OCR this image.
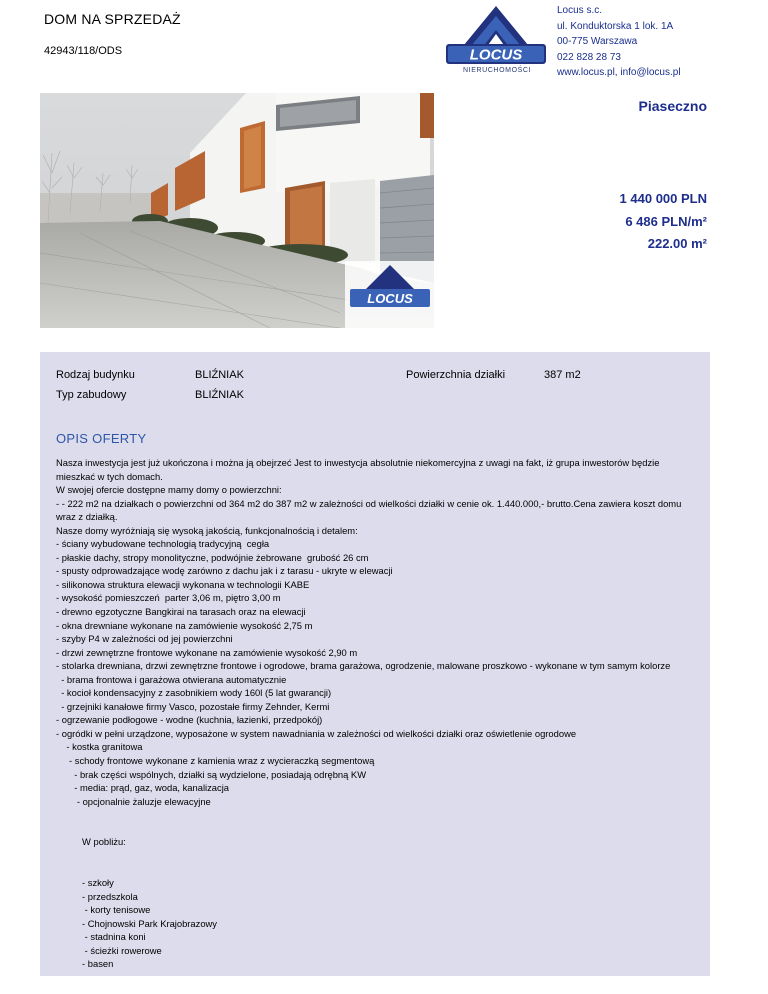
DOM NA SPRZEDAŻ
42943/118/ODS	LOCUS
NIERUCHOMOŚCI
Locus s.c.
ul. Konduktorska 1 lok. 1A
00-775 Warszawa
022 828 28 73
www.locus.pl, info@locus.pl
LOCUS
Piaseczno
1 440 000 PLN
6 486 PLN/m²
222.00 m²
Rodzaj budynku	BLIŹNIAK	Powierzchnia działki	387 m2
Typ zabudowy	BLIŹNIAK
OPIS OFERTY
Nasza inwestycja jest już ukończona i można ją obejrzeć Jest to inwestycja absolutnie niekomercyjna z uwagi na fakt, iż grupa inwestorów będzie mieszkać w tych domach.
W swojej ofercie dostępne mamy domy o powierzchni:
- - 222 m2 na działkach o powierzchni od 364 m2 do 387 m2 w zależności od wielkości działki w cenie ok. 1.440.000,- brutto.Cena zawiera koszt domu wraz z działką.
Nasze domy wyróżniają się wysoką jakością, funkcjonalnością i detalem:
- ściany wybudowane technologią tradycyjną  cegła
- płaskie dachy, stropy monolityczne, podwójnie żebrowane  grubość 26 cm
- spusty odprowadzające wodę zarówno z dachu jak i z tarasu - ukryte w elewacji
- silikonowa struktura elewacji wykonana w technologii KABE
- wysokość pomieszczeń  parter 3,06 m, piętro 3,00 m
- drewno egzotyczne Bangkirai na tarasach oraz na elewacji
- okna drewniane wykonane na zamówienie wysokość 2,75 m
- szyby P4 w zależności od jej powierzchni
- drzwi zewnętrzne frontowe wykonane na zamówienie wysokość 2,90 m
- stolarka drewniana, drzwi zewnętrzne frontowe i ogrodowe, brama garażowa, ogrodzenie, malowane proszkowo - wykonane w tym samym kolorze
- brama frontowa i garażowa otwierana automatycznie
- kocioł kondensacyjny z zasobnikiem wody 160l (5 lat gwarancji)
- grzejniki kanałowe firmy Vasco, pozostałe firmy Zehnder, Kermi
- ogrzewanie podłogowe - wodne (kuchnia, łazienki, przedpokój)
- ogródki w pełni urządzone, wyposażone w system nawadniania w zależności od wielkości działki oraz oświetlenie ogrodowe
- kostka granitowa
- schody frontowe wykonane z kamienia wraz z wycieraczką segmentową
- brak części wspólnych, działki są wydzielone, posiadają odrębną KW
- media: prąd, gaz, woda, kanalizacja
- opcjonalnie żaluzje elewacyjne

W pobliżu:

- szkoły
- przedszkola
- korty tenisowe
- Chojnowski Park Krajobrazowy
- stadnina koni
- ścieżki rowerowe
- basen
